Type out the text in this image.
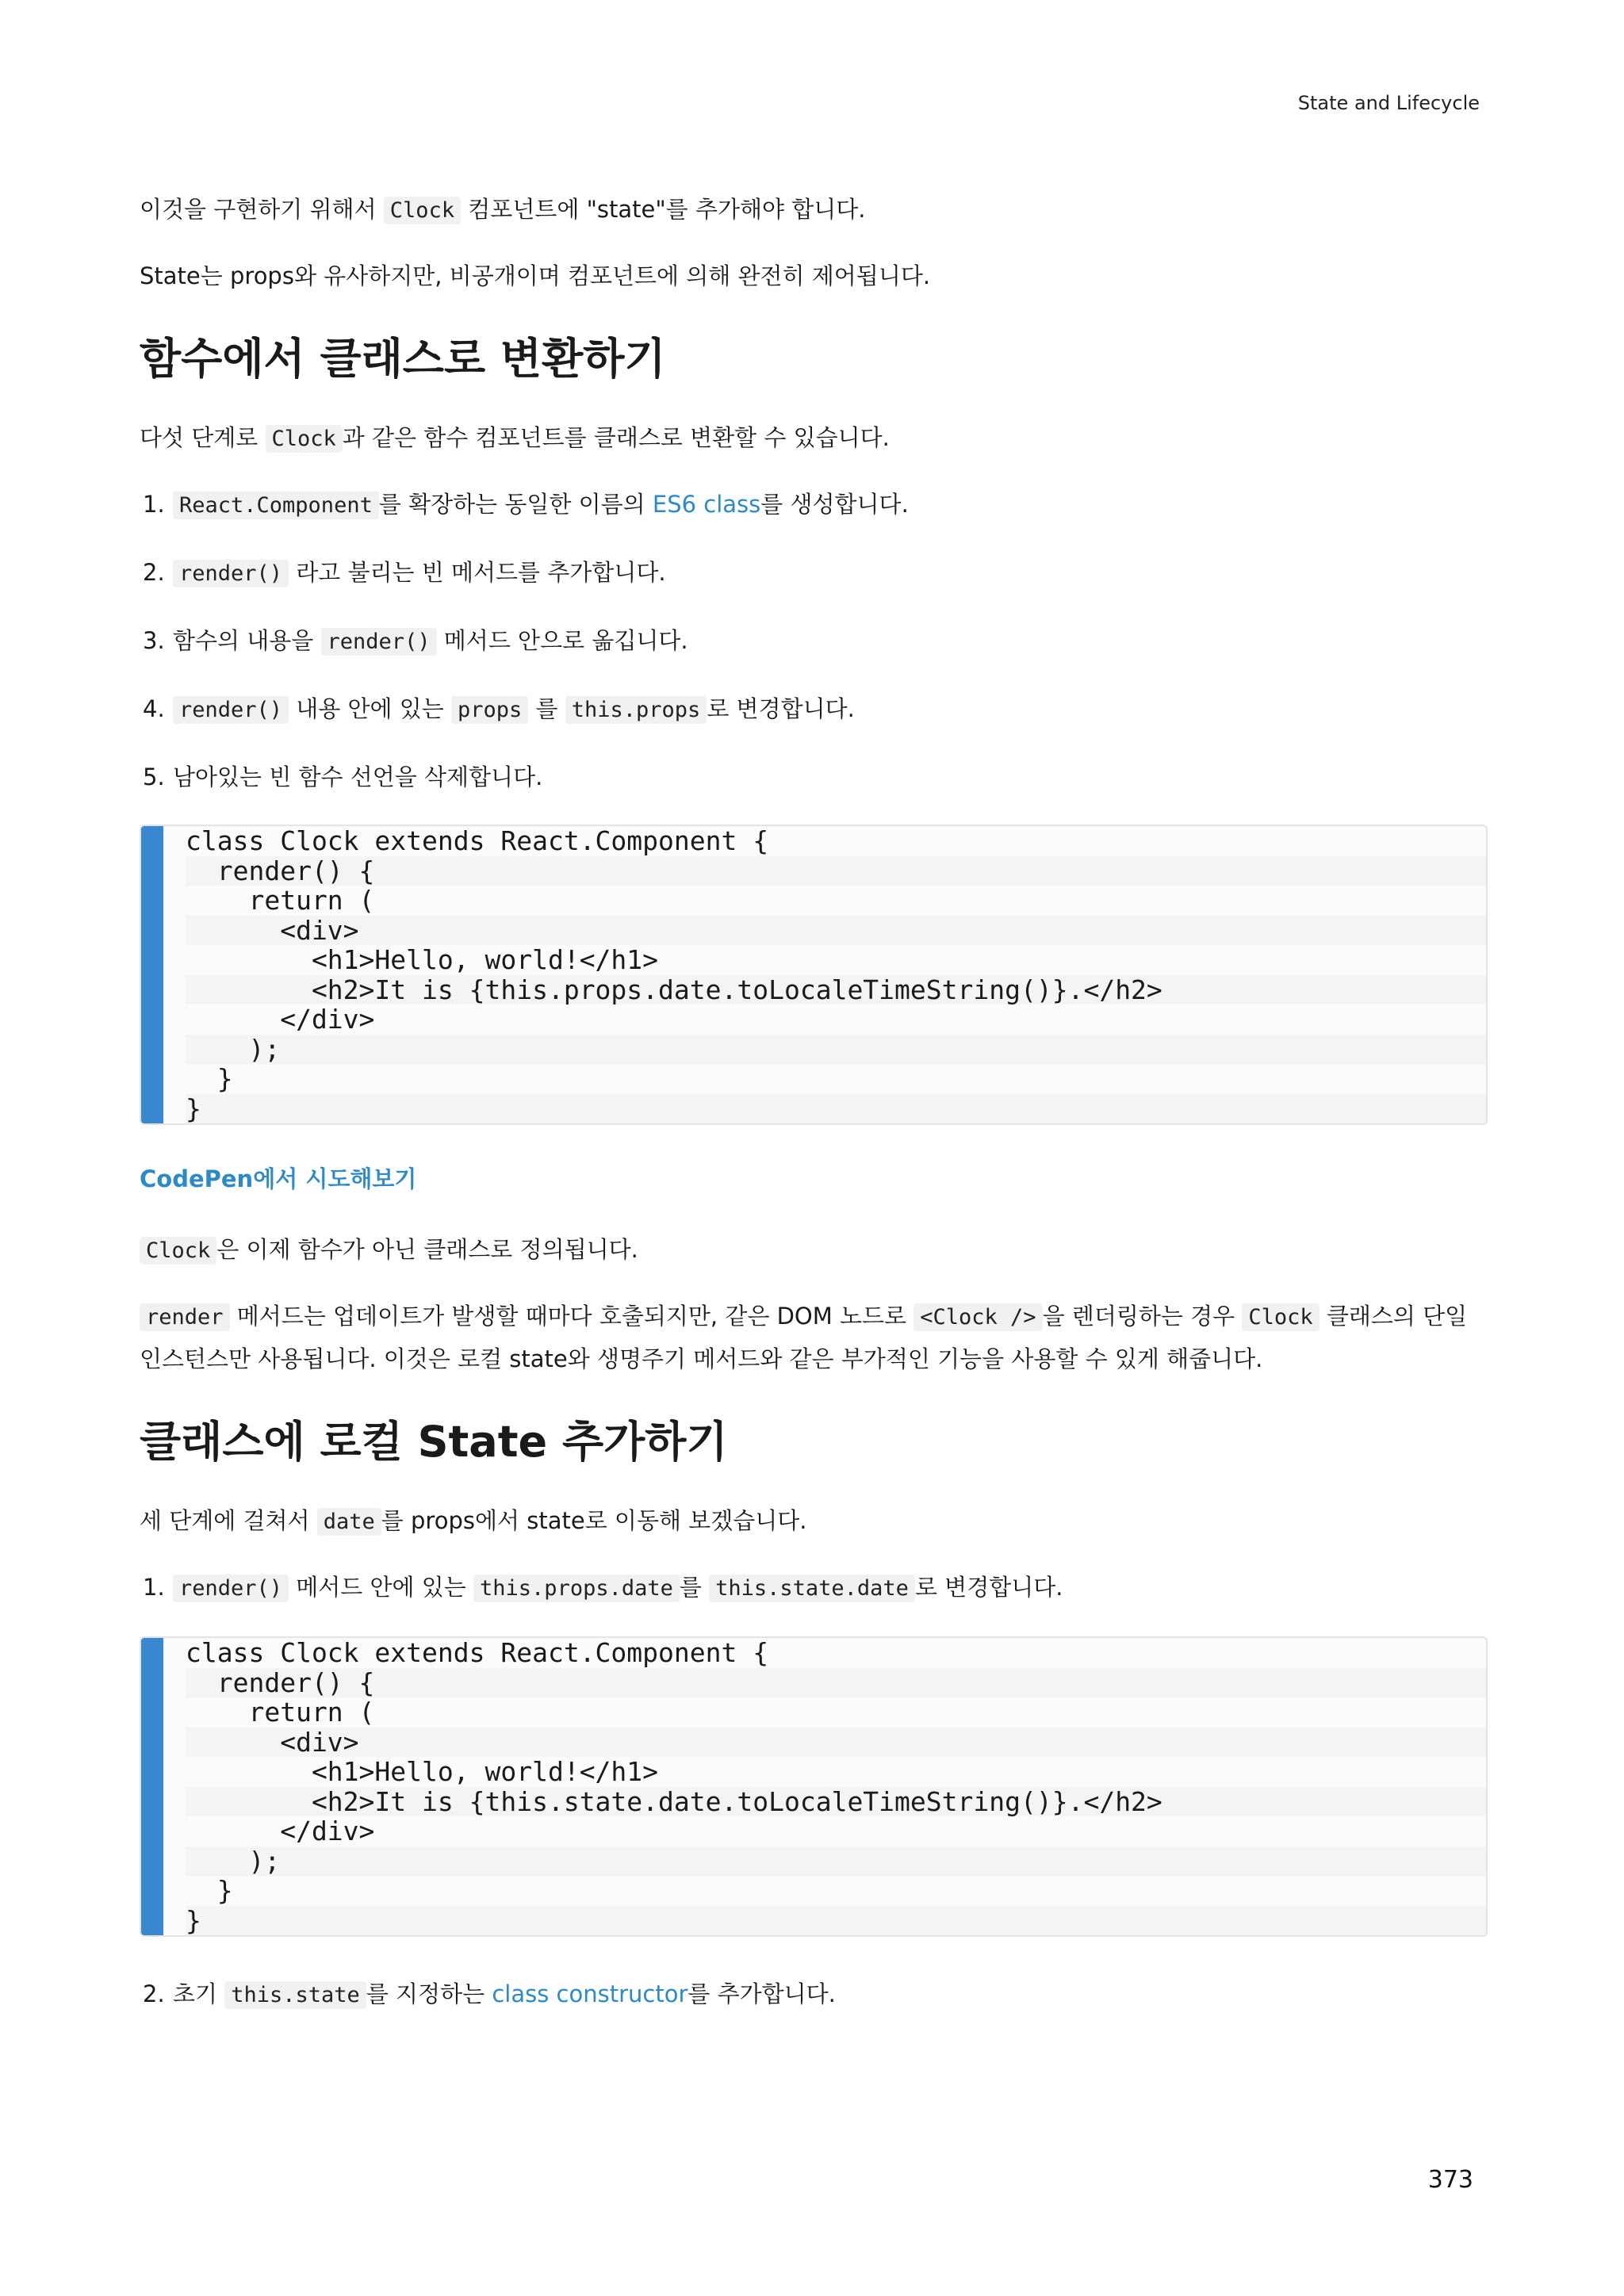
State and Lifecycle

이것을 구현하기 위해서 Clock 컴포넌트에 "state"를 추가해야 합니다.

State는 props와 유사하지만, 비공개이며 컴포넌트에 의해 완전히 제어됩니다.

함수에서 클래스로 변환하기

다섯 단계로 Clock 과 같은 함수 컴포넌트를 클래스로 변환할 수 있습니다.

1. React.Component 를 확장하는 동일한 이름의 ES6 class를 생성합니다.
2. render() 라고 불리는 빈 메서드를 추가합니다.
3. 함수의 내용을 render() 메서드 안으로 옮깁니다.
4. render() 내용 안에 있는 props 를 this.props 로 변경합니다.
5. 남아있는 빈 함수 선언을 삭제합니다.
class Clock extends React.Component {
render() {
return (
<div>
<h1>Hello, world!</h1>
<h2>It is {this.props.date.toLocaleTimeString()}.</h2>
</div>
);
}
}
CodePen에서 시도해보기

Clock 은 이제 함수가 아닌 클래스로 정의됩니다.

render 메서드는 업데이트가 발생할 때마다 호출되지만, 같은 DOM 노드로 <Clock /> 을 렌더링하는 경우 Clock 클래스의 단일 인스턴스만 사용됩니다. 이것은 로컬 state와 생명주기 메서드와 같은 부가적인 기능을 사용할 수 있게 해줍니다.

클래스에 로컬 State 추가하기

세 단계에 걸쳐서 date 를 props에서 state로 이동해 보겠습니다.

1. render() 메서드 안에 있는 this.props.date 를 this.state.date 로 변경합니다.
class Clock extends React.Component {
render() {
return (
<div>
<h1>Hello, world!</h1>
<h2>It is {this.state.date.toLocaleTimeString()}.</h2>
</div>
);
}
}
2. 초기 this.state 를 지정하는 class constructor를 추가합니다.
373
